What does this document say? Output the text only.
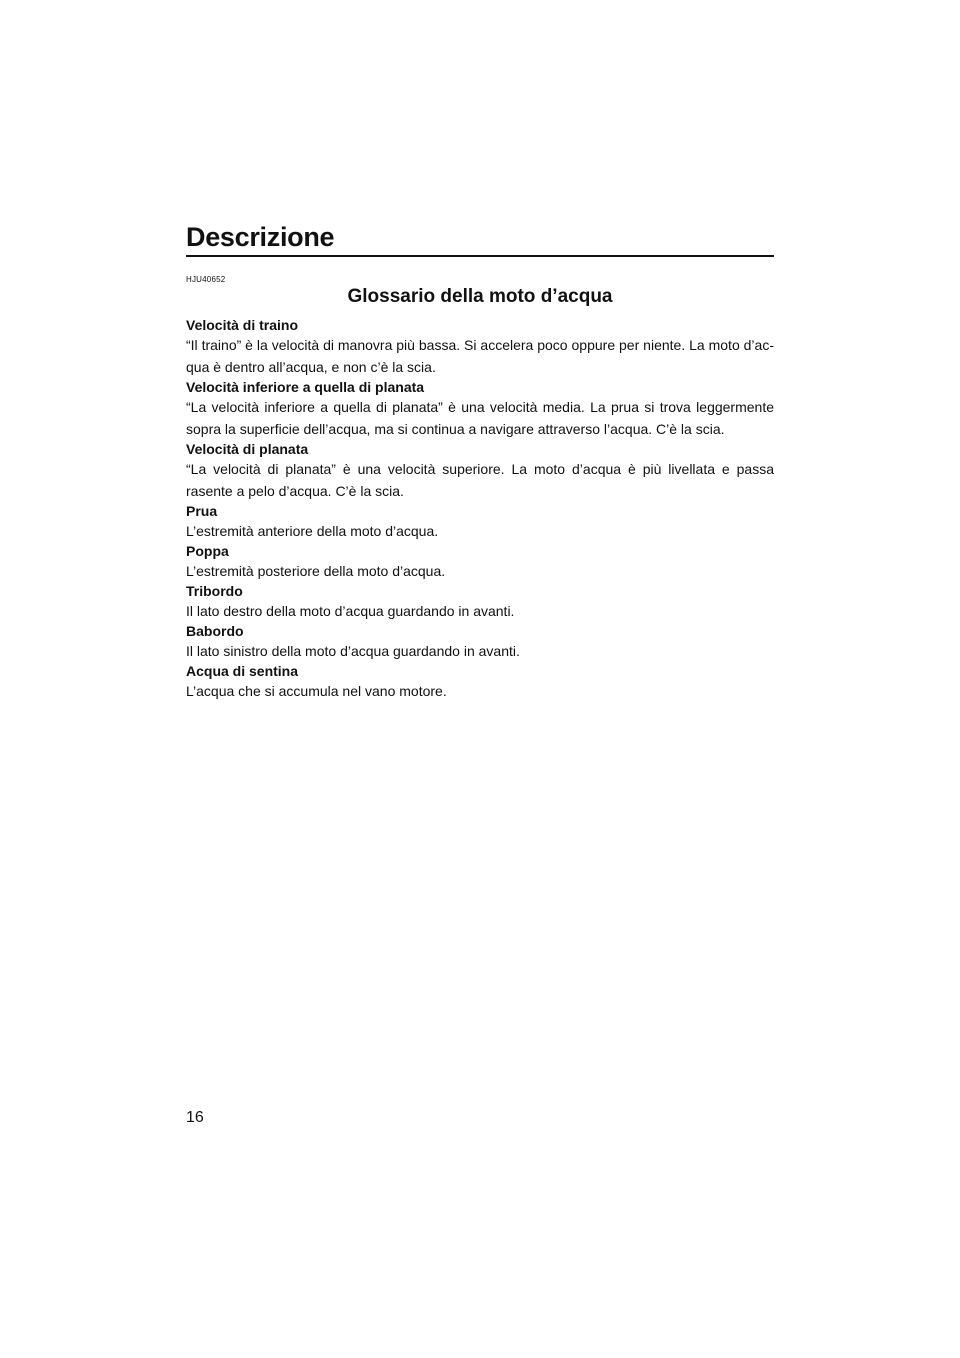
Descrizione
HJU40652
Glossario della moto d’acqua
Velocità di traino
“Il traino” è la velocità di manovra più bassa. Si accelera poco oppure per niente. La moto d’ac-qua è dentro all’acqua, e non c’è la scia.
Velocità inferiore a quella di planata
“La velocità inferiore a quella di planata” è una velocità media. La prua si trova leggermente sopra la superficie dell’acqua, ma si continua a navigare attraverso l’acqua. C’è la scia.
Velocità di planata
“La velocità di planata” è una velocità superiore. La moto d’acqua è più livellata e passa rasente a pelo d’acqua. C’è la scia.
Prua
L’estremità anteriore della moto d’acqua.
Poppa
L’estremità posteriore della moto d’acqua.
Tribordo
Il lato destro della moto d’acqua guardando in avanti.
Babordo
Il lato sinistro della moto d’acqua guardando in avanti.
Acqua di sentina
L’acqua che si accumula nel vano motore.
16
